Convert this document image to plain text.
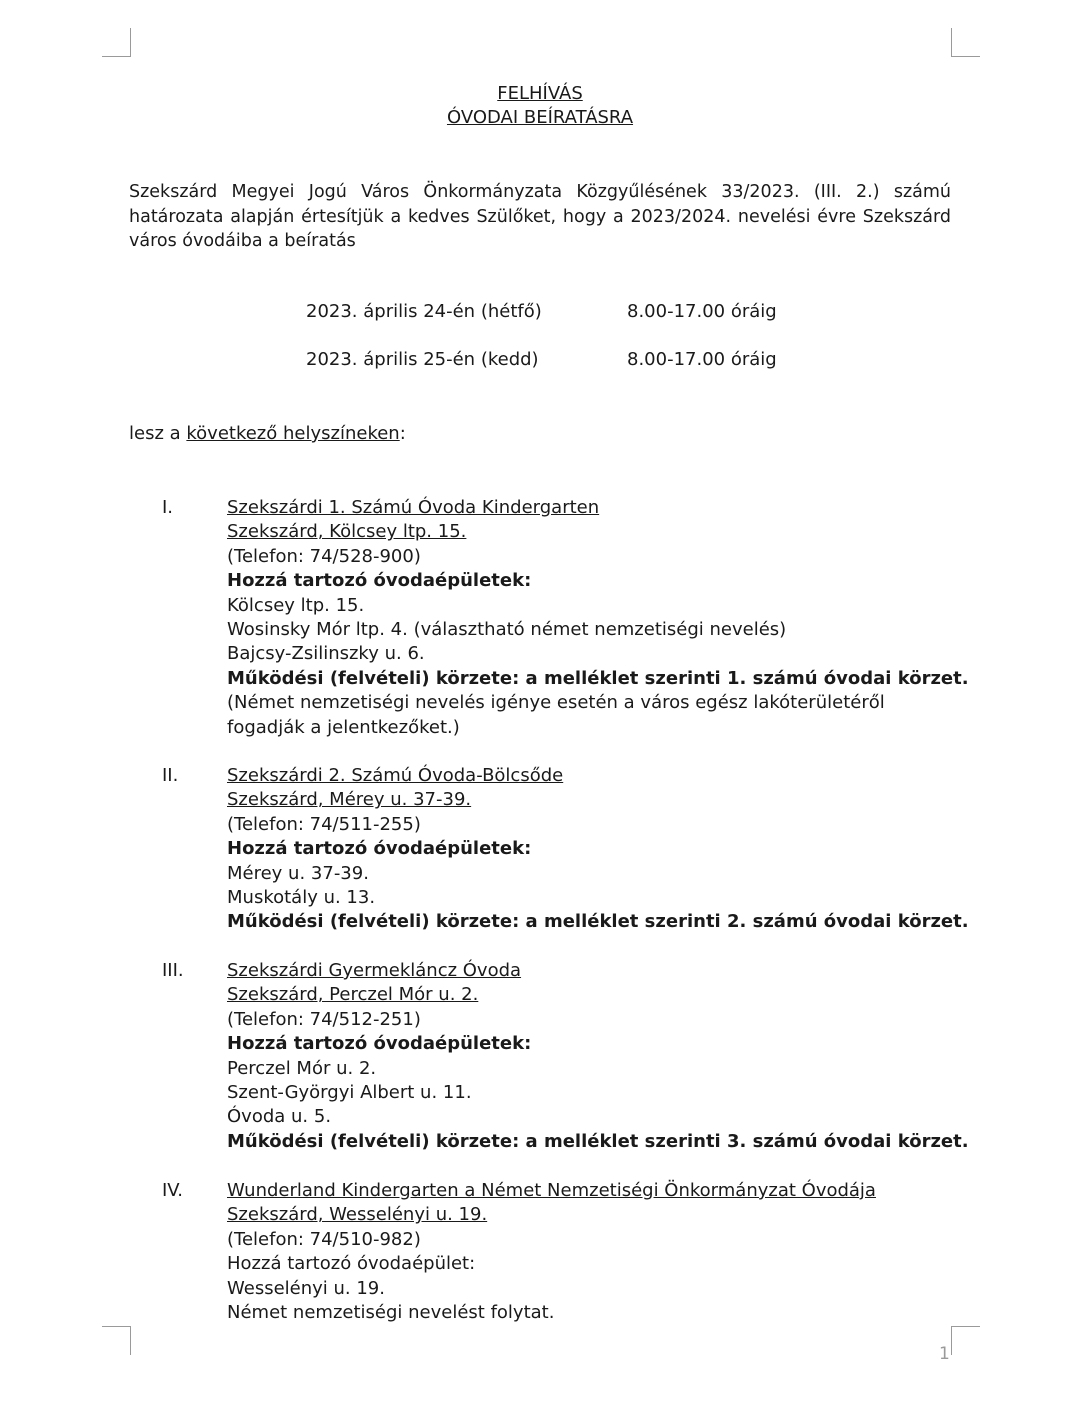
FELHÍVÁS
ÓVODAI BEÍRATÁSRA
Szekszárd Megyei Jogú Város Önkormányzata Közgyűlésének 33/2023. (III. 2.) számú határozata alapján értesítjük a kedves Szülőket, hogy a 2023/2024. nevelési évre Szekszárd város óvodáiba a beíratás
2023. április 24-én (hétfő)	8.00-17.00 óráig
2023. április 25-én (kedd)	8.00-17.00 óráig
lesz a következő helyszíneken:
I.	Szekszárdi 1. Számú Óvoda Kindergarten
Szekszárd, Kölcsey ltp. 15.
(Telefon: 74/528-900)
Hozzá tartozó óvodaépületek:
Kölcsey ltp. 15.
Wosinsky Mór ltp. 4. (választható német nemzetiségi nevelés)
Bajcsy-Zsilinszky u. 6.
Működési (felvételi) körzete: a melléklet szerinti 1. számú óvodai körzet.
(Német nemzetiségi nevelés igénye esetén a város egész lakóterületéről fogadják a jelentkezőket.)
II.	Szekszárdi 2. Számú Óvoda-Bölcsőde
Szekszárd, Mérey u. 37-39.
(Telefon: 74/511-255)
Hozzá tartozó óvodaépületek:
Mérey u. 37-39.
Muskotály u. 13.
Működési (felvételi) körzete: a melléklet szerinti 2. számú óvodai körzet.
III. Szekszárdi Gyermekláncz Óvoda
Szekszárd, Perczel Mór u. 2.
(Telefon: 74/512-251)
Hozzá tartozó óvodaépületek:
Perczel Mór u. 2.
Szent-Györgyi Albert u. 11.
Óvoda u. 5.
Működési (felvételi) körzete: a melléklet szerinti 3. számú óvodai körzet.
IV. Wunderland Kindergarten a Német Nemzetiségi Önkormányzat Óvodája
Szekszárd, Wesselényi u. 19.
(Telefon: 74/510-982)
Hozzá tartozó óvodaépület:
Wesselényi u. 19.
Német nemzetiségi nevelést folytat.
1
